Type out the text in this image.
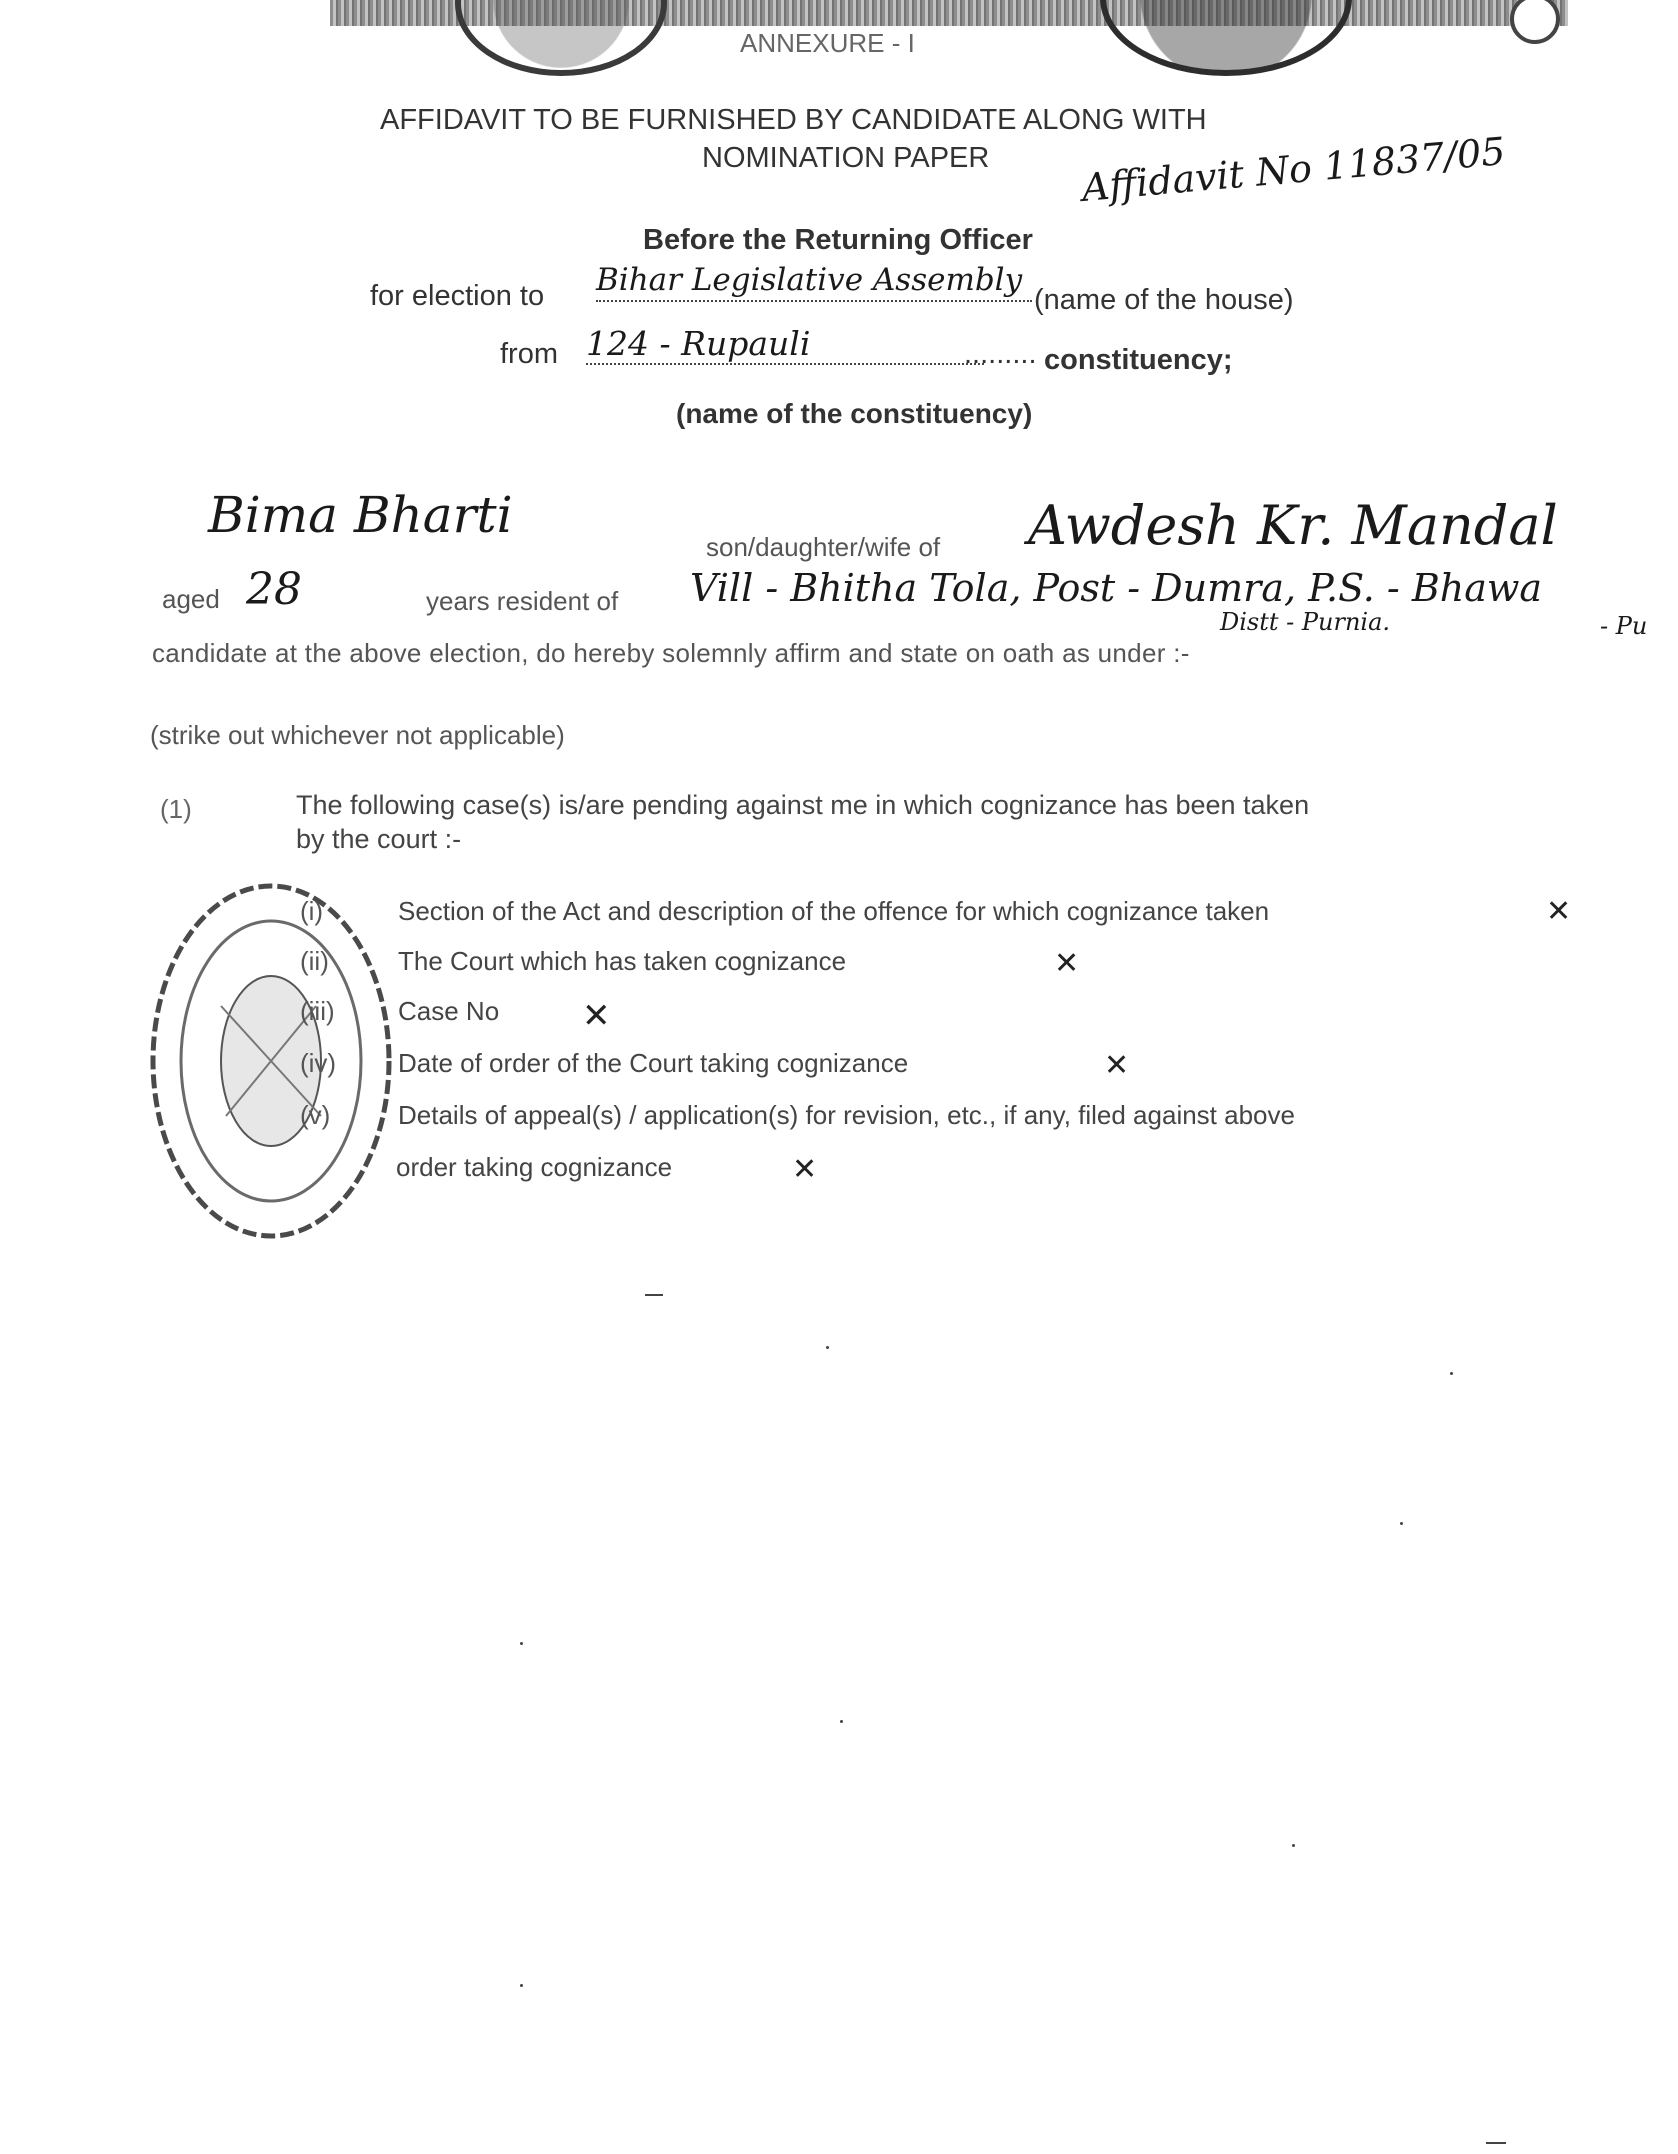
ANNEXURE - I
AFFIDAVIT TO BE FURNISHED BY CANDIDATE ALONG WITH
NOMINATION PAPER Affidavit No 11837/05
Before the Returning Officer
for election to Bihar Legislative Assembly
(name of the house)
from 124 - Rupauli	......... constituency;
(name of the constituency)
Bima Bharti
son/daughter/wife of Awdesh Kr. Mandal
aged 28	years resident of Vill - Bhitha Tola, Post - Dumra, P.S. - Bhawa
Distt - Purnia.	- Pu
candidate at the above election, do hereby solemnly affirm and state on oath as under :-
(strike out whichever not applicable)
(1)	The following case(s) is/are pending against me in which cognizance has been taken
by the court :-
(i)	Section of the Act and description of the offence for which cognizance taken	✕
(ii)	The Court which has taken cognizance	✕
(iii) Case No ✕
(iv) Date of order of the Court taking cognizance	✕
(v)	Details of appeal(s) / application(s) for revision, etc., if any, filed against above
order taking cognizance	✕
